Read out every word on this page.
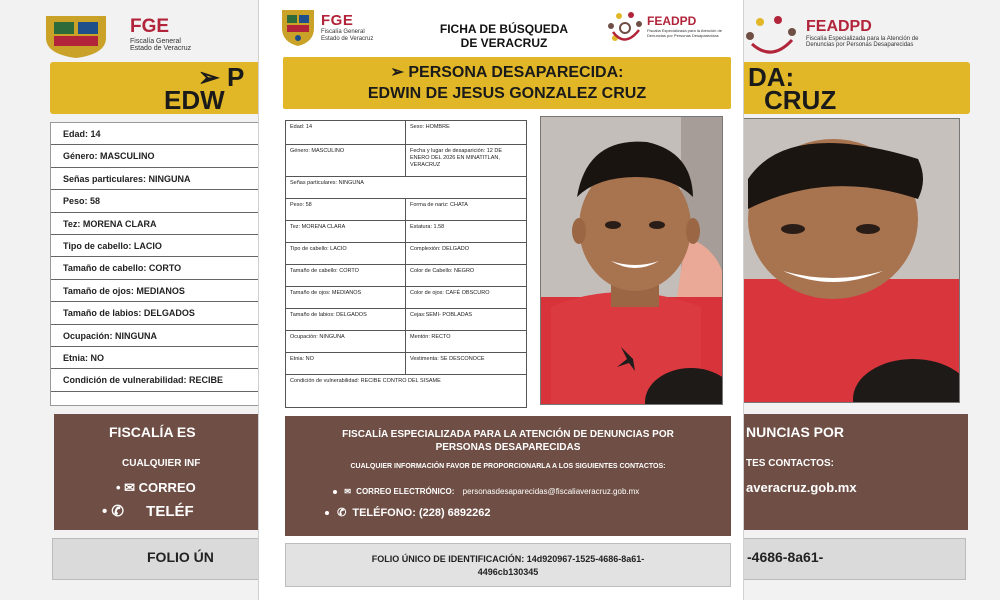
FGE
Fiscalía General
Estado de Veracruz
➢ P
EDW
Edad: 14
Género: MASCULINO
Señas particulares: NINGUNA
Peso: 58
Tez: MORENA CLARA
Tipo de cabello: LACIO
Tamaño de cabello: CORTO
Tamaño de ojos: MEDIANOS
Tamaño de labios: DELGADOS
Ocupación: NINGUNA
Etnia: NO
Condición de vulnerabilidad: RECIBE
FISCALÍA ES
CUALQUIER INF
• ✉ CORREO
• ✆ TELÉF
FOLIO ÚN
FEADPD
Fiscalía Especializada para la Atención de
Denuncias por Personas Desaparecidas
DA:
CRUZ
NUNCIAS POR
TES CONTACTOS:
averacruz.gob.mx
-4686-8a61-
FGE
Fiscalía General
Estado de Veracruz
FICHA DE BÚSQUEDA
DE VERACRUZ
FEADPD
Fiscalía Especializada para la Atención de Denuncias por Personas Desaparecidas
➢ PERSONA DESAPARECIDA:
EDWIN DE JESUS GONZALEZ CRUZ
Edad: 14	Sexo: HOMBRE
Género: MASCULINO	Fecha y lugar de desaparición: 12 DE ENERO DEL 2026 EN MINATITLAN, VERACRUZ
Señas particulares: NINGUNA
Peso: 58	Forma de nariz: CHATA
Tez: MORENA CLARA	Estatura: 1.58
Tipo de cabello: LACIO	Complexión: DELGADO
Tamaño de cabello: CORTO	Color de Cabello: NEGRO
Tamaño de ojos: MEDIANOS	Color de ojos: CAFÉ OBSCURO
Tamaño de labios: DELGADOS	Cejas:SEMI- POBLADAS
Ocupación: NINGUNA	Mentón: RECTO
Etnia: NO	Vestimenta: SE DESCONOCE
Condición de vulnerabilidad: RECIBE CONTRO DEL SISAME
FISCALÍA ESPECIALIZADA PARA LA ATENCIÓN DE DENUNCIAS POR
PERSONAS DESAPARECIDAS
CUALQUIER INFORMACIÓN FAVOR DE PROPORCIONARLA A LOS SIGUIENTES CONTACTOS:
✉ CORREO ELECTRÓNICO: personasdesaparecidas@fiscaliaveracruz.gob.mx
✆ TELÉFONO: (228) 6892262
FOLIO ÚNICO DE IDENTIFICACIÓN: 14d920967-1525-4686-8a61-
4496cb130345
